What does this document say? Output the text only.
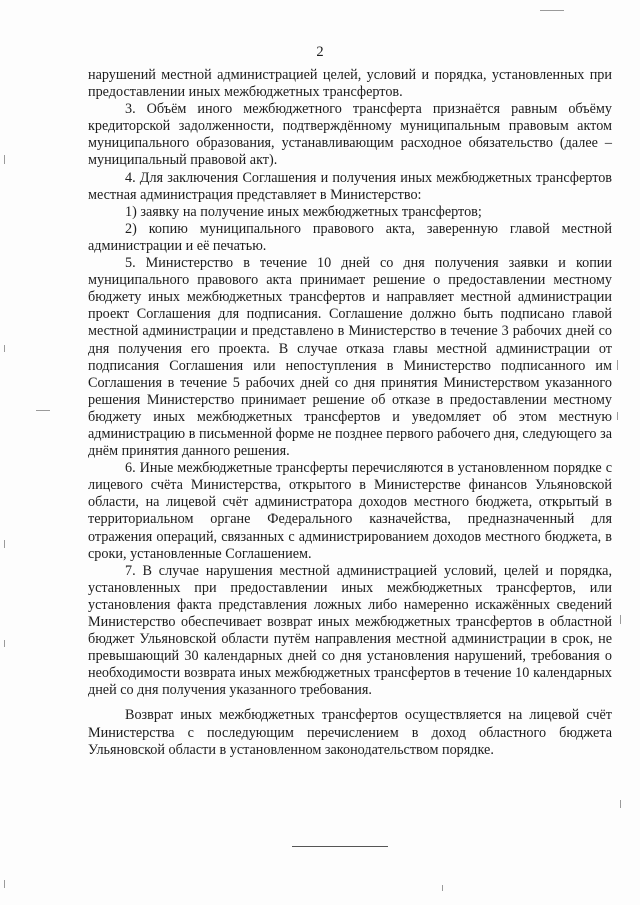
2

нарушений местной администрацией целей, условий и порядка, установленных при предоставлении иных межбюджетных трансфертов.

3. Объём иного межбюджетного трансферта признаётся равным объёму кредиторской задолженности, подтверждённому муниципальным правовым актом муниципального образования, устанавливающим расходное обязательство (далее – муниципальный правовой акт).

4. Для заключения Соглашения и получения иных межбюджетных трансфертов местная администрация представляет в Министерство:

1) заявку на получение иных межбюджетных трансфертов;

2) копию муниципального правового акта, заверенную главой местной администрации и её печатью.

5. Министерство в течение 10 дней со дня получения заявки и копии муниципального правового акта принимает решение о предоставлении местному бюджету иных межбюджетных трансфертов и направляет местной администрации проект Соглашения для подписания. Соглашение должно быть подписано главой местной администрации и представлено в Министерство в течение 3 рабочих дней со дня получения его проекта. В случае отказа главы местной администрации от подписания Соглашения или непоступления в Министерство подписанного им Соглашения в течение 5 рабочих дней со дня принятия Министерством указанного решения Министерство принимает решение об отказе в предоставлении местному бюджету иных межбюджетных трансфертов и уведомляет об этом местную администрацию в письменной форме не позднее первого рабочего дня, следующего за днём принятия данного решения.

6. Иные межбюджетные трансферты перечисляются в установленном порядке с лицевого счёта Министерства, открытого в Министерстве финансов Ульяновской области, на лицевой счёт администратора доходов местного бюджета, открытый в территориальном органе Федерального казначейства, предназначенный для отражения операций, связанных с администрированием доходов местного бюджета, в сроки, установленные Соглашением.

7. В случае нарушения местной администрацией условий, целей и порядка, установленных при предоставлении иных межбюджетных трансфертов, или установления факта представления ложных либо намеренно искажённых сведений Министерство обеспечивает возврат иных межбюджетных трансфертов в областной бюджет Ульяновской области путём направления местной администрации в срок, не превышающий 30 календарных дней со дня установления нарушений, требования о необходимости возврата иных межбюджетных трансфертов в течение 10 календарных дней со дня получения указанного требования.

Возврат иных межбюджетных трансфертов осуществляется на лицевой счёт Министерства с последующим перечислением в доход областного бюджета Ульяновской области в установленном законодательством порядке.
